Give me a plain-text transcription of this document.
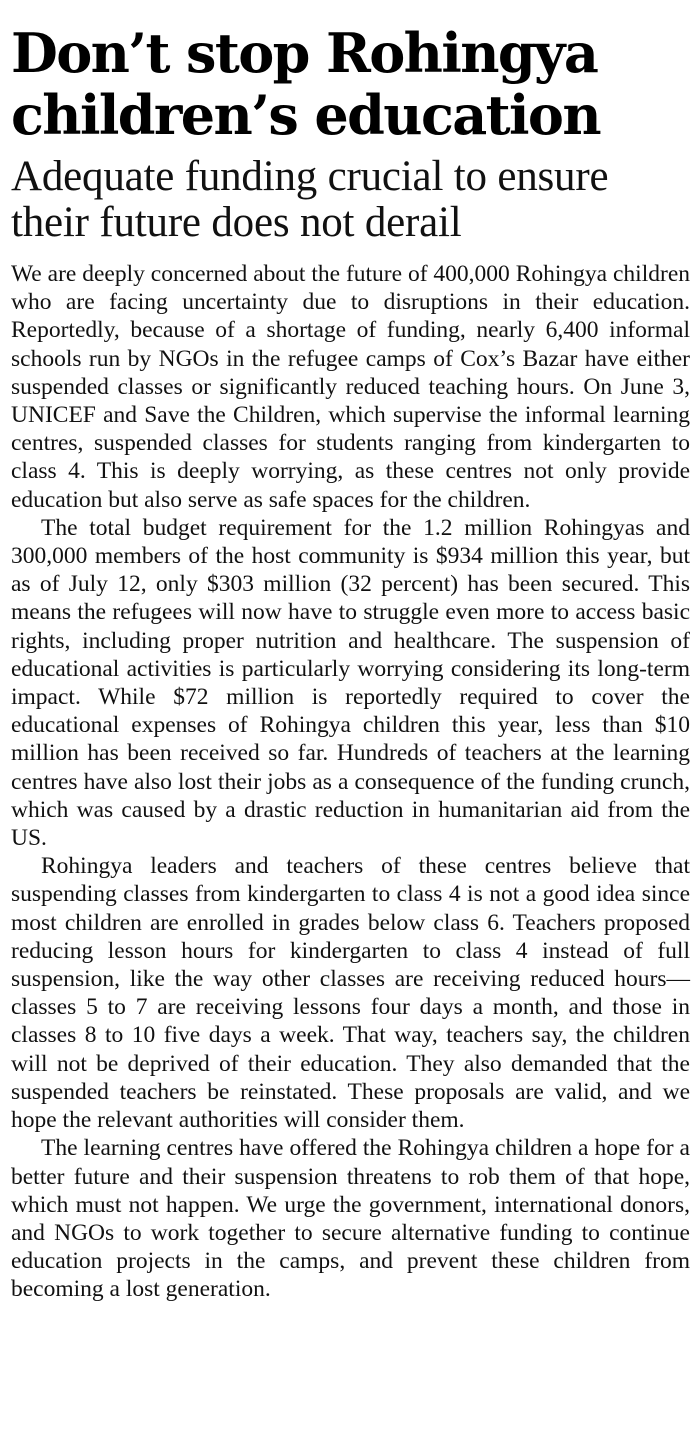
Don’t stop Rohingya children’s education
Adequate funding crucial to ensure their future does not derail

We are deeply concerned about the future of 400,000 Rohingya children who are facing uncertainty due to disruptions in their education. Reportedly, because of a shortage of funding, nearly 6,400 informal schools run by NGOs in the refugee camps of Cox’s Bazar have either suspended classes or significantly reduced teaching hours. On June 3, UNICEF and Save the Children, which supervise the informal learning centres, suspended classes for students ranging from kindergarten to class 4. This is deeply worrying, as these centres not only provide education but also serve as safe spaces for the children.

The total budget requirement for the 1.2 million Rohingyas and 300,000 members of the host community is $934 million this year, but as of July 12, only $303 million (32 percent) has been secured. This means the refugees will now have to struggle even more to access basic rights, including proper nutrition and healthcare. The suspension of educational activities is particularly worrying considering its long-term impact. While $72 million is reportedly required to cover the educational expenses of Rohingya children this year, less than $10 million has been received so far. Hundreds of teachers at the learning centres have also lost their jobs as a consequence of the funding crunch, which was caused by a drastic reduction in humanitarian aid from the US.

Rohingya leaders and teachers of these centres believe that suspending classes from kindergarten to class 4 is not a good idea since most children are enrolled in grades below class 6. Teachers proposed reducing lesson hours for kindergarten to class 4 instead of full suspension, like the way other classes are receiving reduced hours—classes 5 to 7 are receiving lessons four days a month, and those in classes 8 to 10 five days a week. That way, teachers say, the children will not be deprived of their education. They also demanded that the suspended teachers be reinstated. These proposals are valid, and we hope the relevant authorities will consider them.

The learning centres have offered the Rohingya children a hope for a better future and their suspension threatens to rob them of that hope, which must not happen. We urge the government, international donors, and NGOs to work together to secure alternative funding to continue education projects in the camps, and prevent these children from becoming a lost generation.
